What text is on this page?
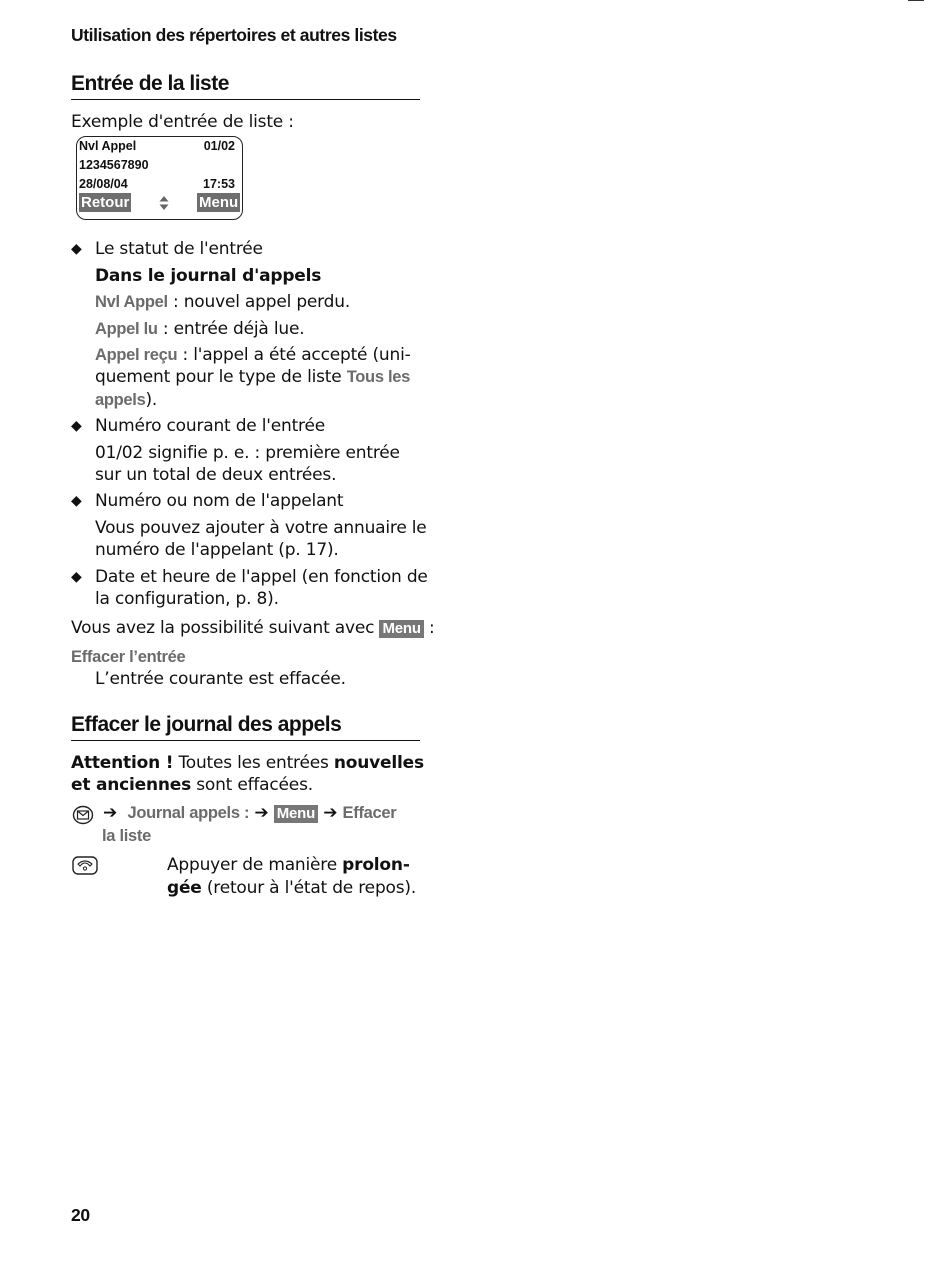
Utilisation des répertoires et autres listes
Entrée de la liste
Exemple d'entrée de liste :
Nvl Appel	01/02
1234567890
28/08/04	17:53
Retour	Menu
◆ Le statut de l'entrée
Dans le journal d'appels
Nvl Appel : nouvel appel perdu.
Appel lu : entrée déjà lue.
Appel reçu : l'appel a été accepté (uni-
quement pour le type de liste Tous les
appels).
◆ Numéro courant de l'entrée
01/02 signifie p. e. : première entrée
sur un total de deux entrées.
◆ Numéro ou nom de l'appelant
Vous pouvez ajouter à votre annuaire le
numéro de l'appelant (p. 17).
◆ Date et heure de l'appel (en fonction de
la configuration, p. 8).
Vous avez la possibilité suivant avec Menu :
Effacer l’entrée
L’entrée courante est effacée.
Effacer le journal des appels
Attention ! Toutes les entrées nouvelles
et anciennes sont effacées.
➔ Journal appels : ➔ Menu ➔ Effacer
la liste
Appuyer de manière prolon-
gée (retour à l'état de repos).
20
